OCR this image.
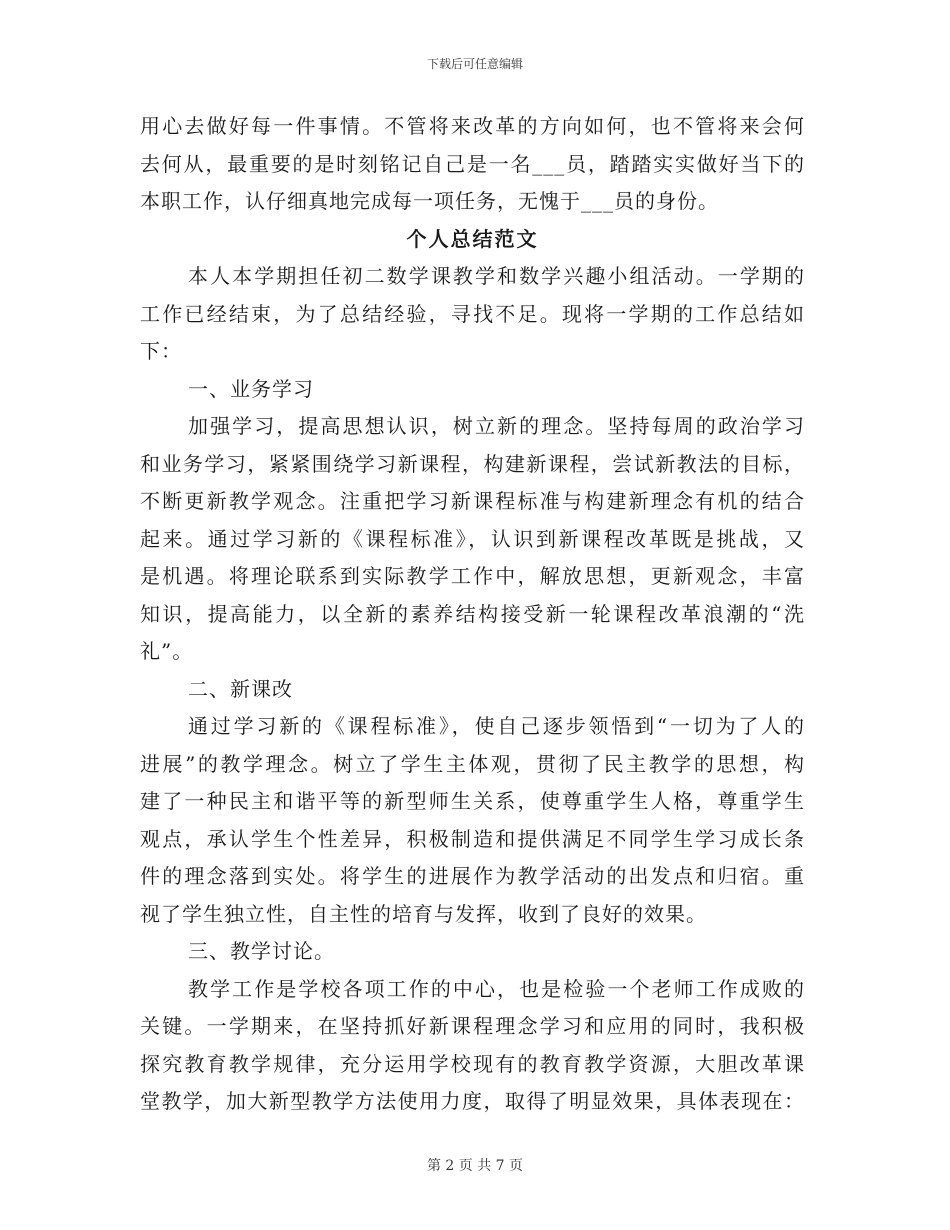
下载后可任意编辑

用心去做好每一件事情。不管将来改革的方向如何，也不管将来会何

去何从，最重要的是时刻铭记自己是一名___员，踏踏实实做好当下的

本职工作，认仔细真地完成每一项任务，无愧于___员的身份。

个人总结范文

本人本学期担任初二数学课教学和数学兴趣小组活动。一学期的

工作已经结束，为了总结经验，寻找不足。现将一学期的工作总结如

下：

一、业务学习

加强学习，提高思想认识，树立新的理念。坚持每周的政治学习

和业务学习，紧紧围绕学习新课程，构建新课程，尝试新教法的目标，

不断更新教学观念。注重把学习新课程标准与构建新理念有机的结合

起来。通过学习新的《课程标准》，认识到新课程改革既是挑战，又

是机遇。将理论联系到实际教学工作中，解放思想，更新观念，丰富

知识，提高能力，以全新的素养结构接受新一轮课程改革浪潮的“洗

礼”。

二、新课改

通过学习新的《课程标准》，使自己逐步领悟到“一切为了人的

进展”的教学理念。树立了学生主体观，贯彻了民主教学的思想，构

建了一种民主和谐平等的新型师生关系，使尊重学生人格，尊重学生

观点，承认学生个性差异，积极制造和提供满足不同学生学习成长条

件的理念落到实处。将学生的进展作为教学活动的出发点和归宿。重

视了学生独立性，自主性的培育与发挥，收到了良好的效果。

三、教学讨论。

教学工作是学校各项工作的中心，也是检验一个老师工作成败的

关键。一学期来，在坚持抓好新课程理念学习和应用的同时，我积极

探究教育教学规律，充分运用学校现有的教育教学资源，大胆改革课

堂教学，加大新型教学方法使用力度，取得了明显效果，具体表现在：

第 2 页 共 7 页
